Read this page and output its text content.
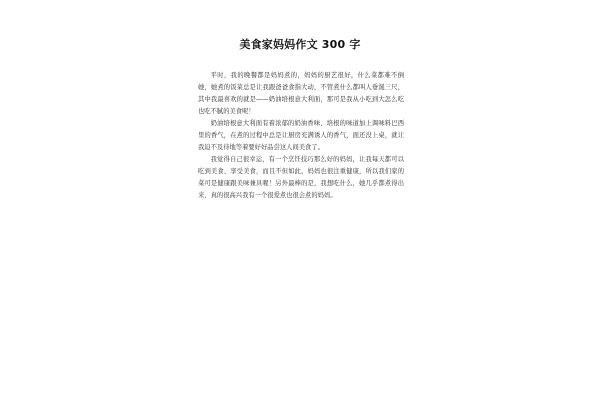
美食家妈妈作文 300 字

平时，我的晚餐都是妈妈煮的，妈妈的厨艺很好，什么菜都难不倒她，她煮的饭菜总是让我跟爸爸食指大动，不管煮什么都叫人垂涎三尺，其中我最喜欢的就是——奶油培根意大利面，那可是我从小吃到大怎么吃也吃不腻的美食呢！

奶油培根意大利面有着浓郁的奶油香味、培根的味道加上调味料巴西里的香气，在煮的过程中总是让厨房充满诱人的香气，面还没上桌，就让我迫不及待地等着要好好品尝这人间美食了。

我觉得自己很幸运，有一个烹饪技巧那么好的妈妈，让我每天都可以吃到美食、享受美食，而且不但如此，妈妈也很注重健康，所以我们家的菜可是健康跟美味兼具喔！另外最棒的是，我想吃什么，她几乎都煮得出来，真的很高兴我有一个很爱煮也很会煮的妈妈。
